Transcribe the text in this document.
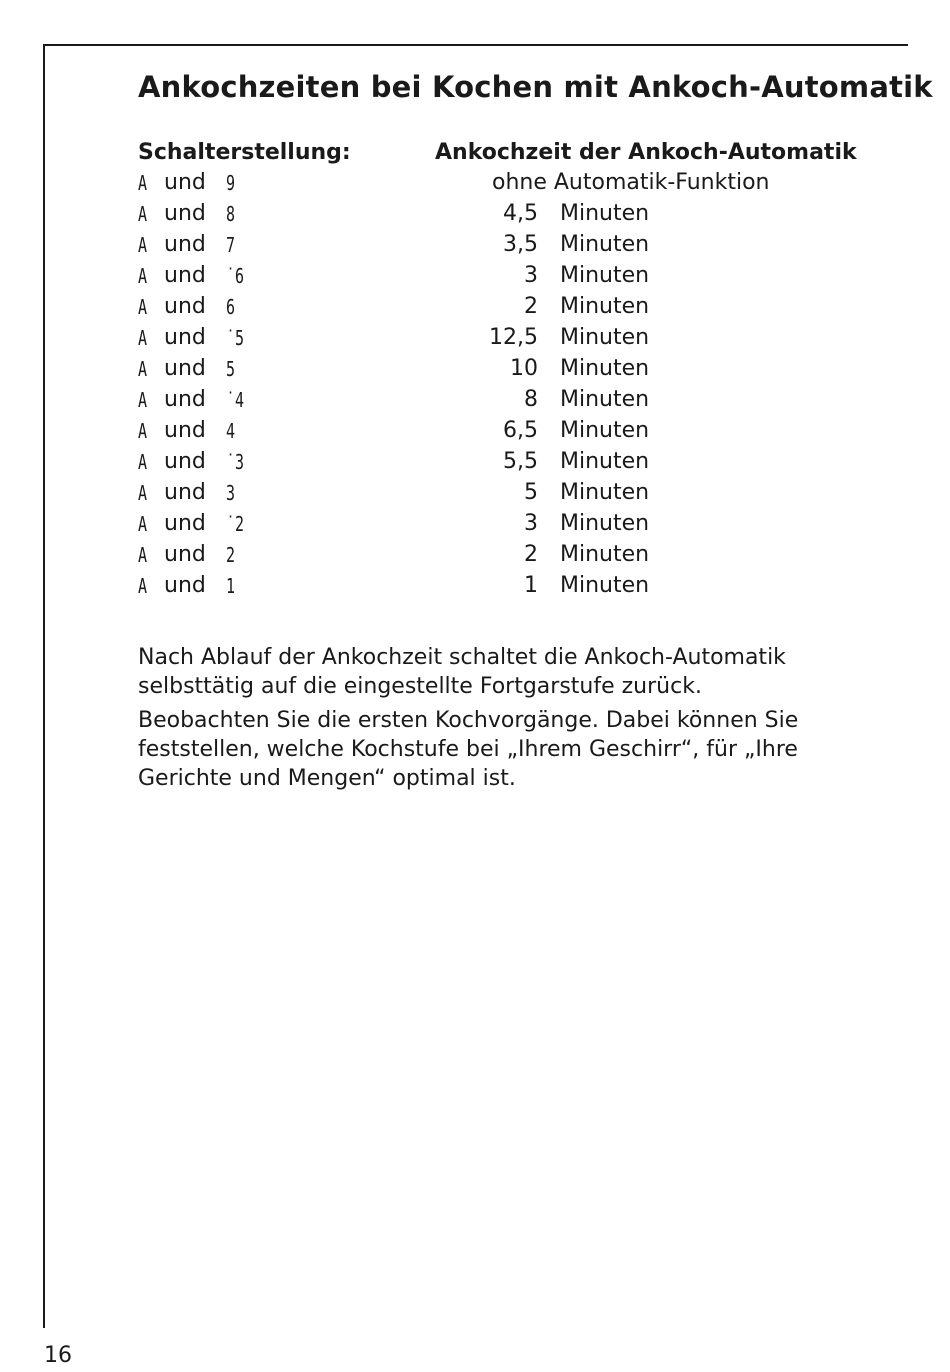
Ankochzeiten bei Kochen mit Ankoch-Automatik
Schalterstellung:	Ankochzeit der Ankoch-Automatik
A und 9	ohne Automatik-Funktion
A und 8	4,5 Minuten
A und 7	3,5 Minuten
A und ˙6	3 Minuten
A und 6	2 Minuten
A und ˙5	12,5 Minuten
A und 5	10 Minuten
A und ˙4	8 Minuten
A und 4	6,5 Minuten
A und ˙3	5,5 Minuten
A und 3	5 Minuten
A und ˙2	3 Minuten
A und 2	2 Minuten
A und 1	1 Minuten

Nach Ablauf der Ankochzeit schaltet die Ankoch-Automatik selbsttätig auf die eingestellte Fortgarstufe zurück.

Beobachten Sie die ersten Kochvorgänge. Dabei können Sie feststellen, welche Kochstufe bei „Ihrem Geschirr“, für „Ihre Gerichte und Mengen“ optimal ist.

16
